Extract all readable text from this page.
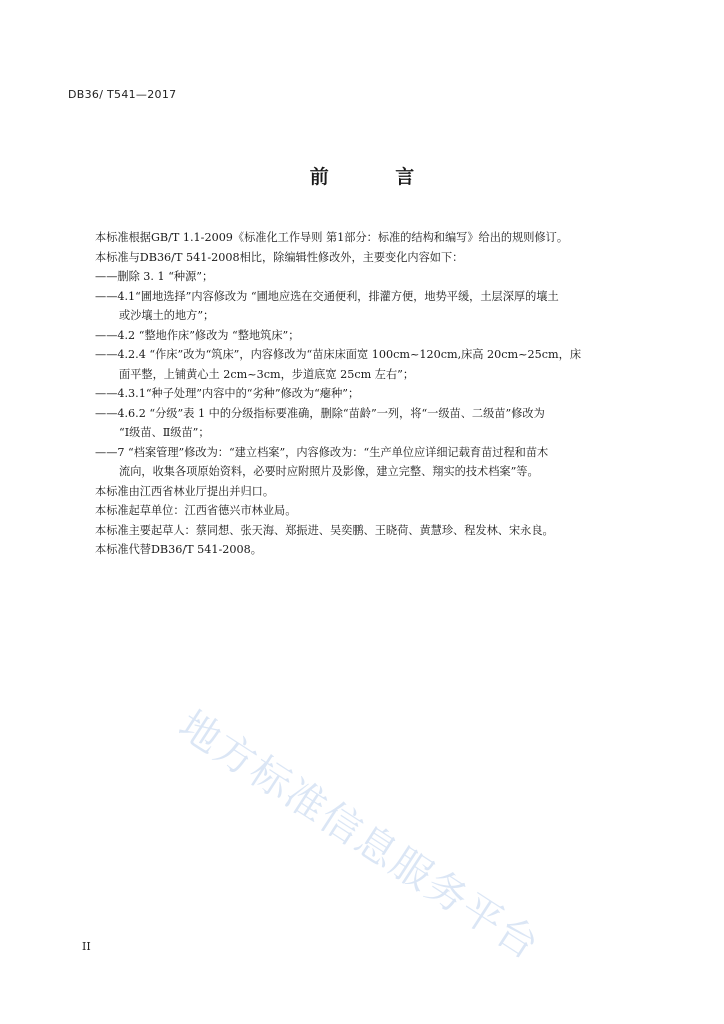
DB36/ T541—2017
前 言
本标准根据GB/T 1.1-2009《标准化工作导则 第1部分：标准的结构和编写》给出的规则修订。
本标准与DB36/T 541-2008相比，除编辑性修改外，主要变化内容如下：
——删除 3. 1 “种源”；
——4.1“圃地选择”内容修改为 “圃地应选在交通便利，排灌方便，地势平缓，土层深厚的壤土
或沙壤土的地方”；
——4.2 “整地作床”修改为 “整地筑床”；
——4.2.4 “作床”改为“筑床”，内容修改为“苗床床面宽 100cm~120cm,床高 20cm~25cm，床
面平整，上铺黄心土 2cm~3cm，步道底宽 25cm 左右”；
——4.3.1“种子处理”内容中的“劣种”修改为“瘪种”；
——4.6.2 “分级”表 1 中的分级指标要准确，删除“苗龄”一列，将“一级苗、二级苗”修改为
“Ⅰ级苗、Ⅱ级苗”；
——7 “档案管理”修改为：“建立档案”，内容修改为：“生产单位应详细记载育苗过程和苗木
流向，收集各项原始资料，必要时应附照片及影像，建立完整、翔实的技术档案”等。
本标准由江西省林业厅提出并归口。
本标准起草单位：江西省德兴市林业局。
本标准主要起草人：蔡同想、张天海、郑振进、吴奕鹏、王晓荷、黄慧珍、程发林、宋永良。
本标准代替DB36/T 541-2008。
地方标准信息服务平台
II
